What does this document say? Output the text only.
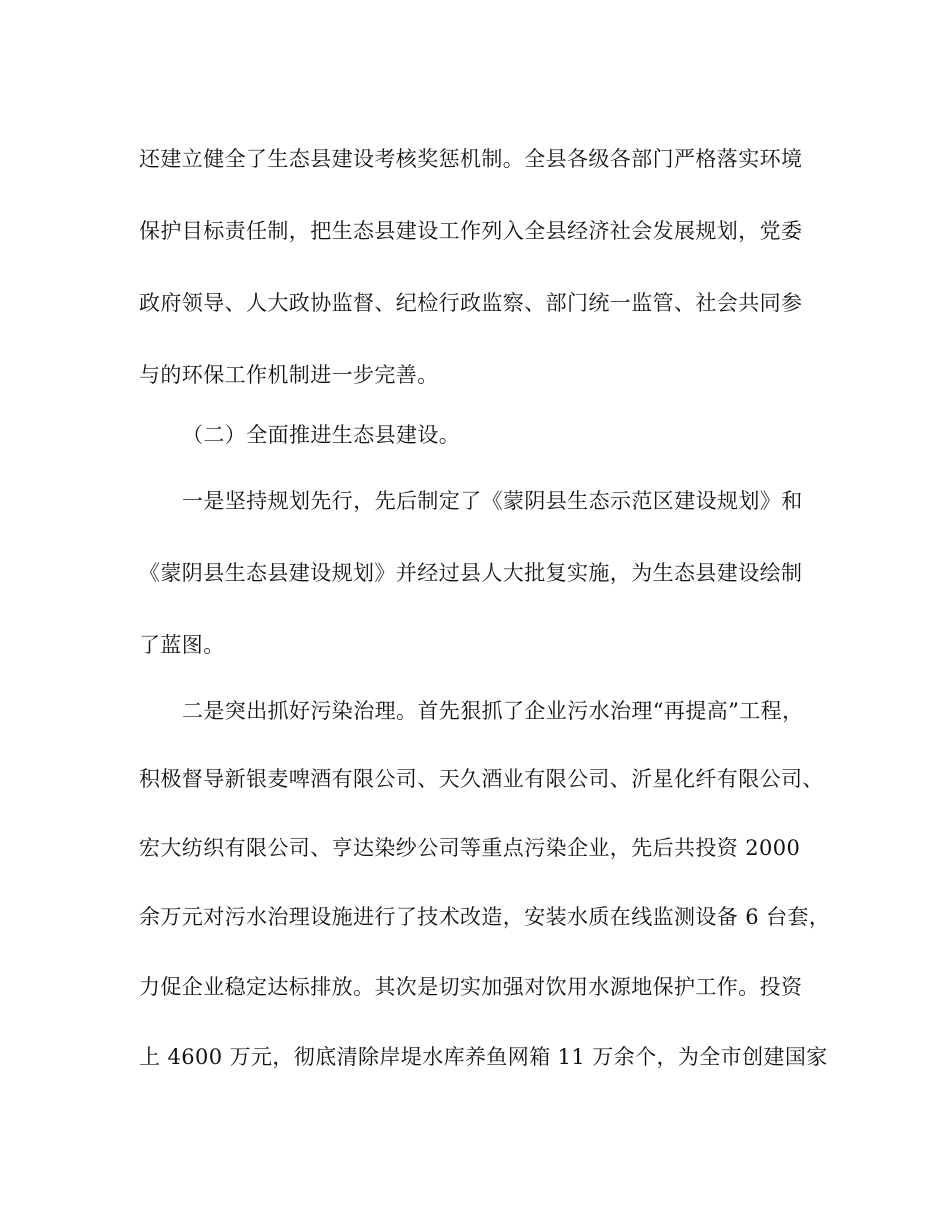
还建立健全了生态县建设考核奖惩机制。全县各级各部门严格落实环境
保护目标责任制，把生态县建设工作列入全县经济社会发展规划，党委
政府领导、人大政协监督、纪检行政监察、部门统一监管、社会共同参
与的环保工作机制进一步完善。
（二）全面推进生态县建设。
一是坚持规划先行，先后制定了《蒙阴县生态示范区建设规划》和
《蒙阴县生态县建设规划》并经过县人大批复实施，为生态县建设绘制
了蓝图。
二是突出抓好污染治理。首先狠抓了企业污水治理“再提高”工程，
积极督导新银麦啤酒有限公司、天久酒业有限公司、沂星化纤有限公司、
宏大纺织有限公司、亨达染纱公司等重点污染企业，先后共投资 2000
余万元对污水治理设施进行了技术改造，安装水质在线监测设备 6 台套，
力促企业稳定达标排放。其次是切实加强对饮用水源地保护工作。投资
上 4600 万元，彻底清除岸堤水库养鱼网箱 11 万余个，为全市创建国家
